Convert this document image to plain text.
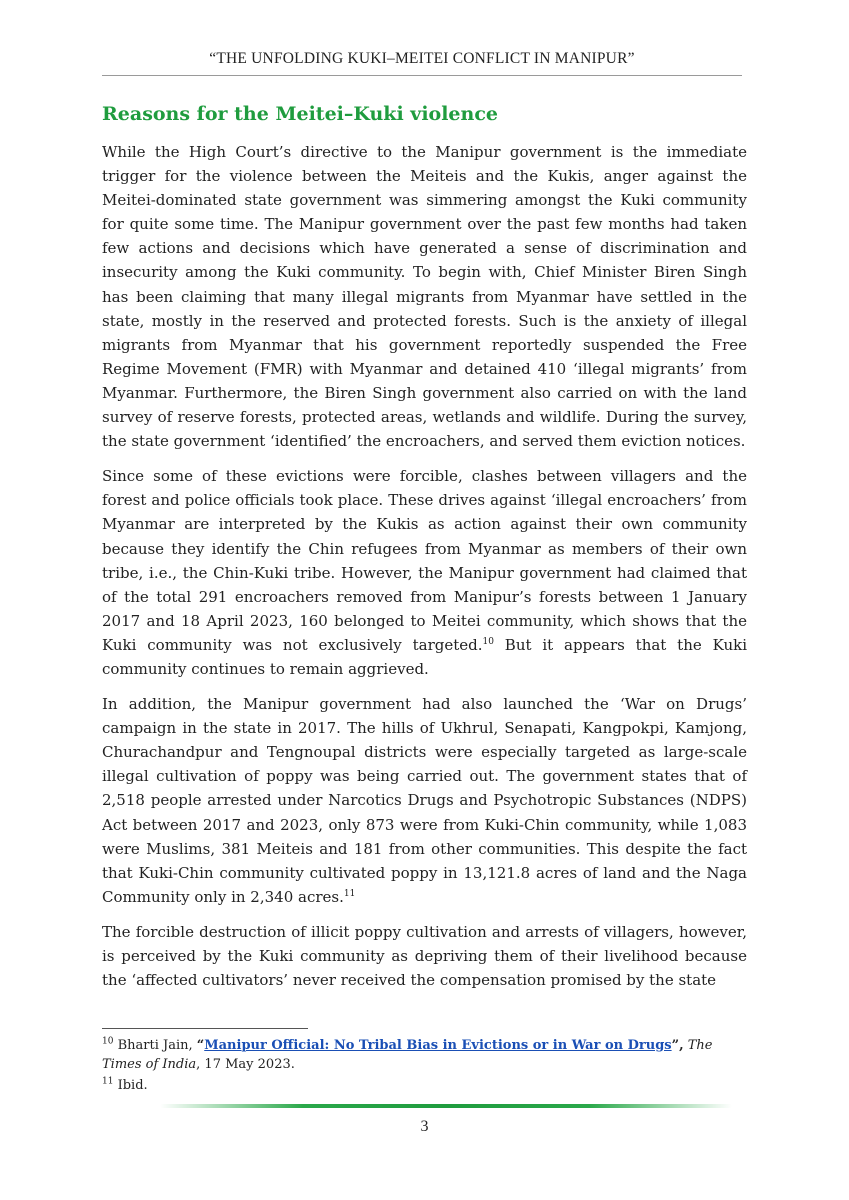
“THE UNFOLDING KUKI–MEITEI CONFLICT IN MANIPUR”
Reasons for the Meitei–Kuki violence

While the High Court’s directive to the Manipur government is the immediate trigger for the violence between the Meiteis and the Kukis, anger against the Meitei-dominated state government was simmering amongst the Kuki community for quite some time. The Manipur government over the past few months had taken few actions and decisions which have generated a sense of discrimination and insecurity among the Kuki community. To begin with, Chief Minister Biren Singh has been claiming that many illegal migrants from Myanmar have settled in the state, mostly in the reserved and protected forests. Such is the anxiety of illegal migrants from Myanmar that his government reportedly suspended the Free Regime Movement (FMR) with Myanmar and detained 410 ‘illegal migrants’ from Myanmar. Furthermore, the Biren Singh government also carried on with the land survey of reserve forests, protected areas, wetlands and wildlife. During the survey, the state government ‘identified’ the encroachers, and served them eviction notices.

Since some of these evictions were forcible, clashes between villagers and the forest and police officials took place. These drives against ‘illegal encroachers’ from Myanmar are interpreted by the Kukis as action against their own community because they identify the Chin refugees from Myanmar as members of their own tribe, i.e., the Chin-Kuki tribe. However, the Manipur government had claimed that of the total 291 encroachers removed from Manipur’s forests between 1 January 2017 and 18 April 2023, 160 belonged to Meitei community, which shows that the Kuki community was not exclusively targeted.$^{10}$ But it appears that the Kuki community continues to remain aggrieved.

In addition, the Manipur government had also launched the ‘War on Drugs’ campaign in the state in 2017. The hills of Ukhrul, Senapati, Kangpokpi, Kamjong, Churachandpur and Tengnoupal districts were especially targeted as large-scale illegal cultivation of poppy was being carried out. The government states that of 2,518 people arrested under Narcotics Drugs and Psychotropic Substances (NDPS) Act between 2017 and 2023, only 873 were from Kuki-Chin community, while 1,083 were Muslims, 381 Meiteis and 181 from other communities. This despite the fact that Kuki-Chin community cultivated poppy in 13,121.8 acres of land and the Naga Community only in 2,340 acres.$^{11}$

The forcible destruction of illicit poppy cultivation and arrests of villagers, however, is perceived by the Kuki community as depriving them of their livelihood because the ‘affected cultivators’ never received the compensation promised by the state

$^{10}$ Bharti Jain, “Manipur Official: No Tribal Bias in Evictions or in War on Drugs”, The Times of India, 17 May 2023.
$^{11}$ Ibid.
3
